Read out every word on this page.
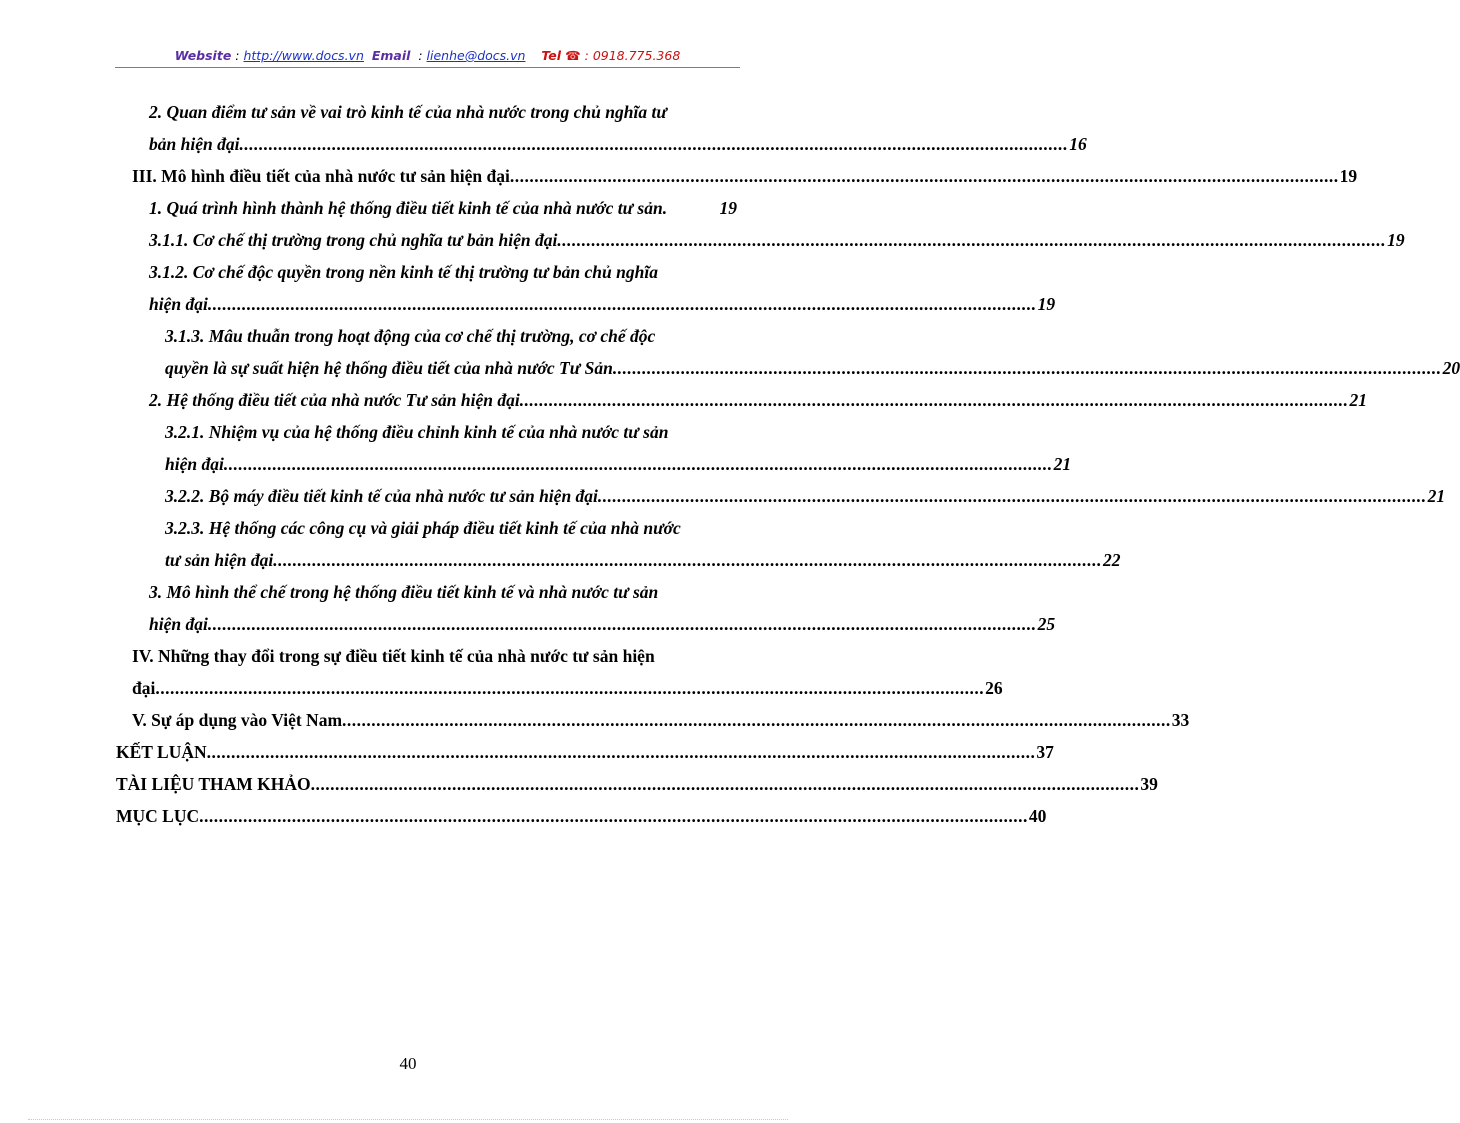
Website : http://www.docs.vn Email  : lienhe@docs.vn Tel ☎ : 0918.775.368
2. Quan điểm tư sản về vai trò kinh tế của nhà nước trong chủ nghĩa tư
bản hiện đại .......................................................................................................................................................................... 16
III. Mô hình điều tiết của nhà nước tư sản hiện đại .......................................................................................................................................................................... 19
1. Quá trình hình thành hệ thống điều tiết kinh tế của nhà nước tư sản .	19
3.1.1. Cơ chế thị trường trong chủ nghĩa tư bản hiện đại .......................................................................................................................................................................... 19
3.1.2. Cơ chế độc quyền trong nền kinh tế thị trường tư bản chủ nghĩa
hiện đại .......................................................................................................................................................................... 19
3.1.3. Mâu thuẫn trong hoạt động của cơ chế thị trường, cơ chế độc
quyền là sự suất hiện hệ thống điều tiết của nhà nước Tư Sản .......................................................................................................................................................................... 20
2. Hệ thống điều tiết của nhà nước Tư sản hiện đại .......................................................................................................................................................................... 21
3.2.1. Nhiệm vụ của hệ thống điều chỉnh kinh tế của nhà nước tư sản
hiện đại .......................................................................................................................................................................... 21
3.2.2. Bộ máy điều tiết kinh tế của nhà nước tư sản hiện đại .......................................................................................................................................................................... 21
3.2.3. Hệ thống các công cụ và giải pháp điều tiết kinh tế của nhà nước
tư sản hiện đại .......................................................................................................................................................................... 22
3. Mô hình thể chế trong hệ thống điều tiết kinh tế và nhà nước tư sản
hiện đại .......................................................................................................................................................................... 25
IV. Những thay đổi trong sự điều tiết kinh tế của nhà nước tư sản hiện
đại .......................................................................................................................................................................... 26
V. Sự áp dụng vào Việt Nam .......................................................................................................................................................................... 33
KẾT LUẬN .......................................................................................................................................................................... 37
TÀI LIỆU THAM KHẢO .......................................................................................................................................................................... 39
MỤC LỤC .......................................................................................................................................................................... 40
40
